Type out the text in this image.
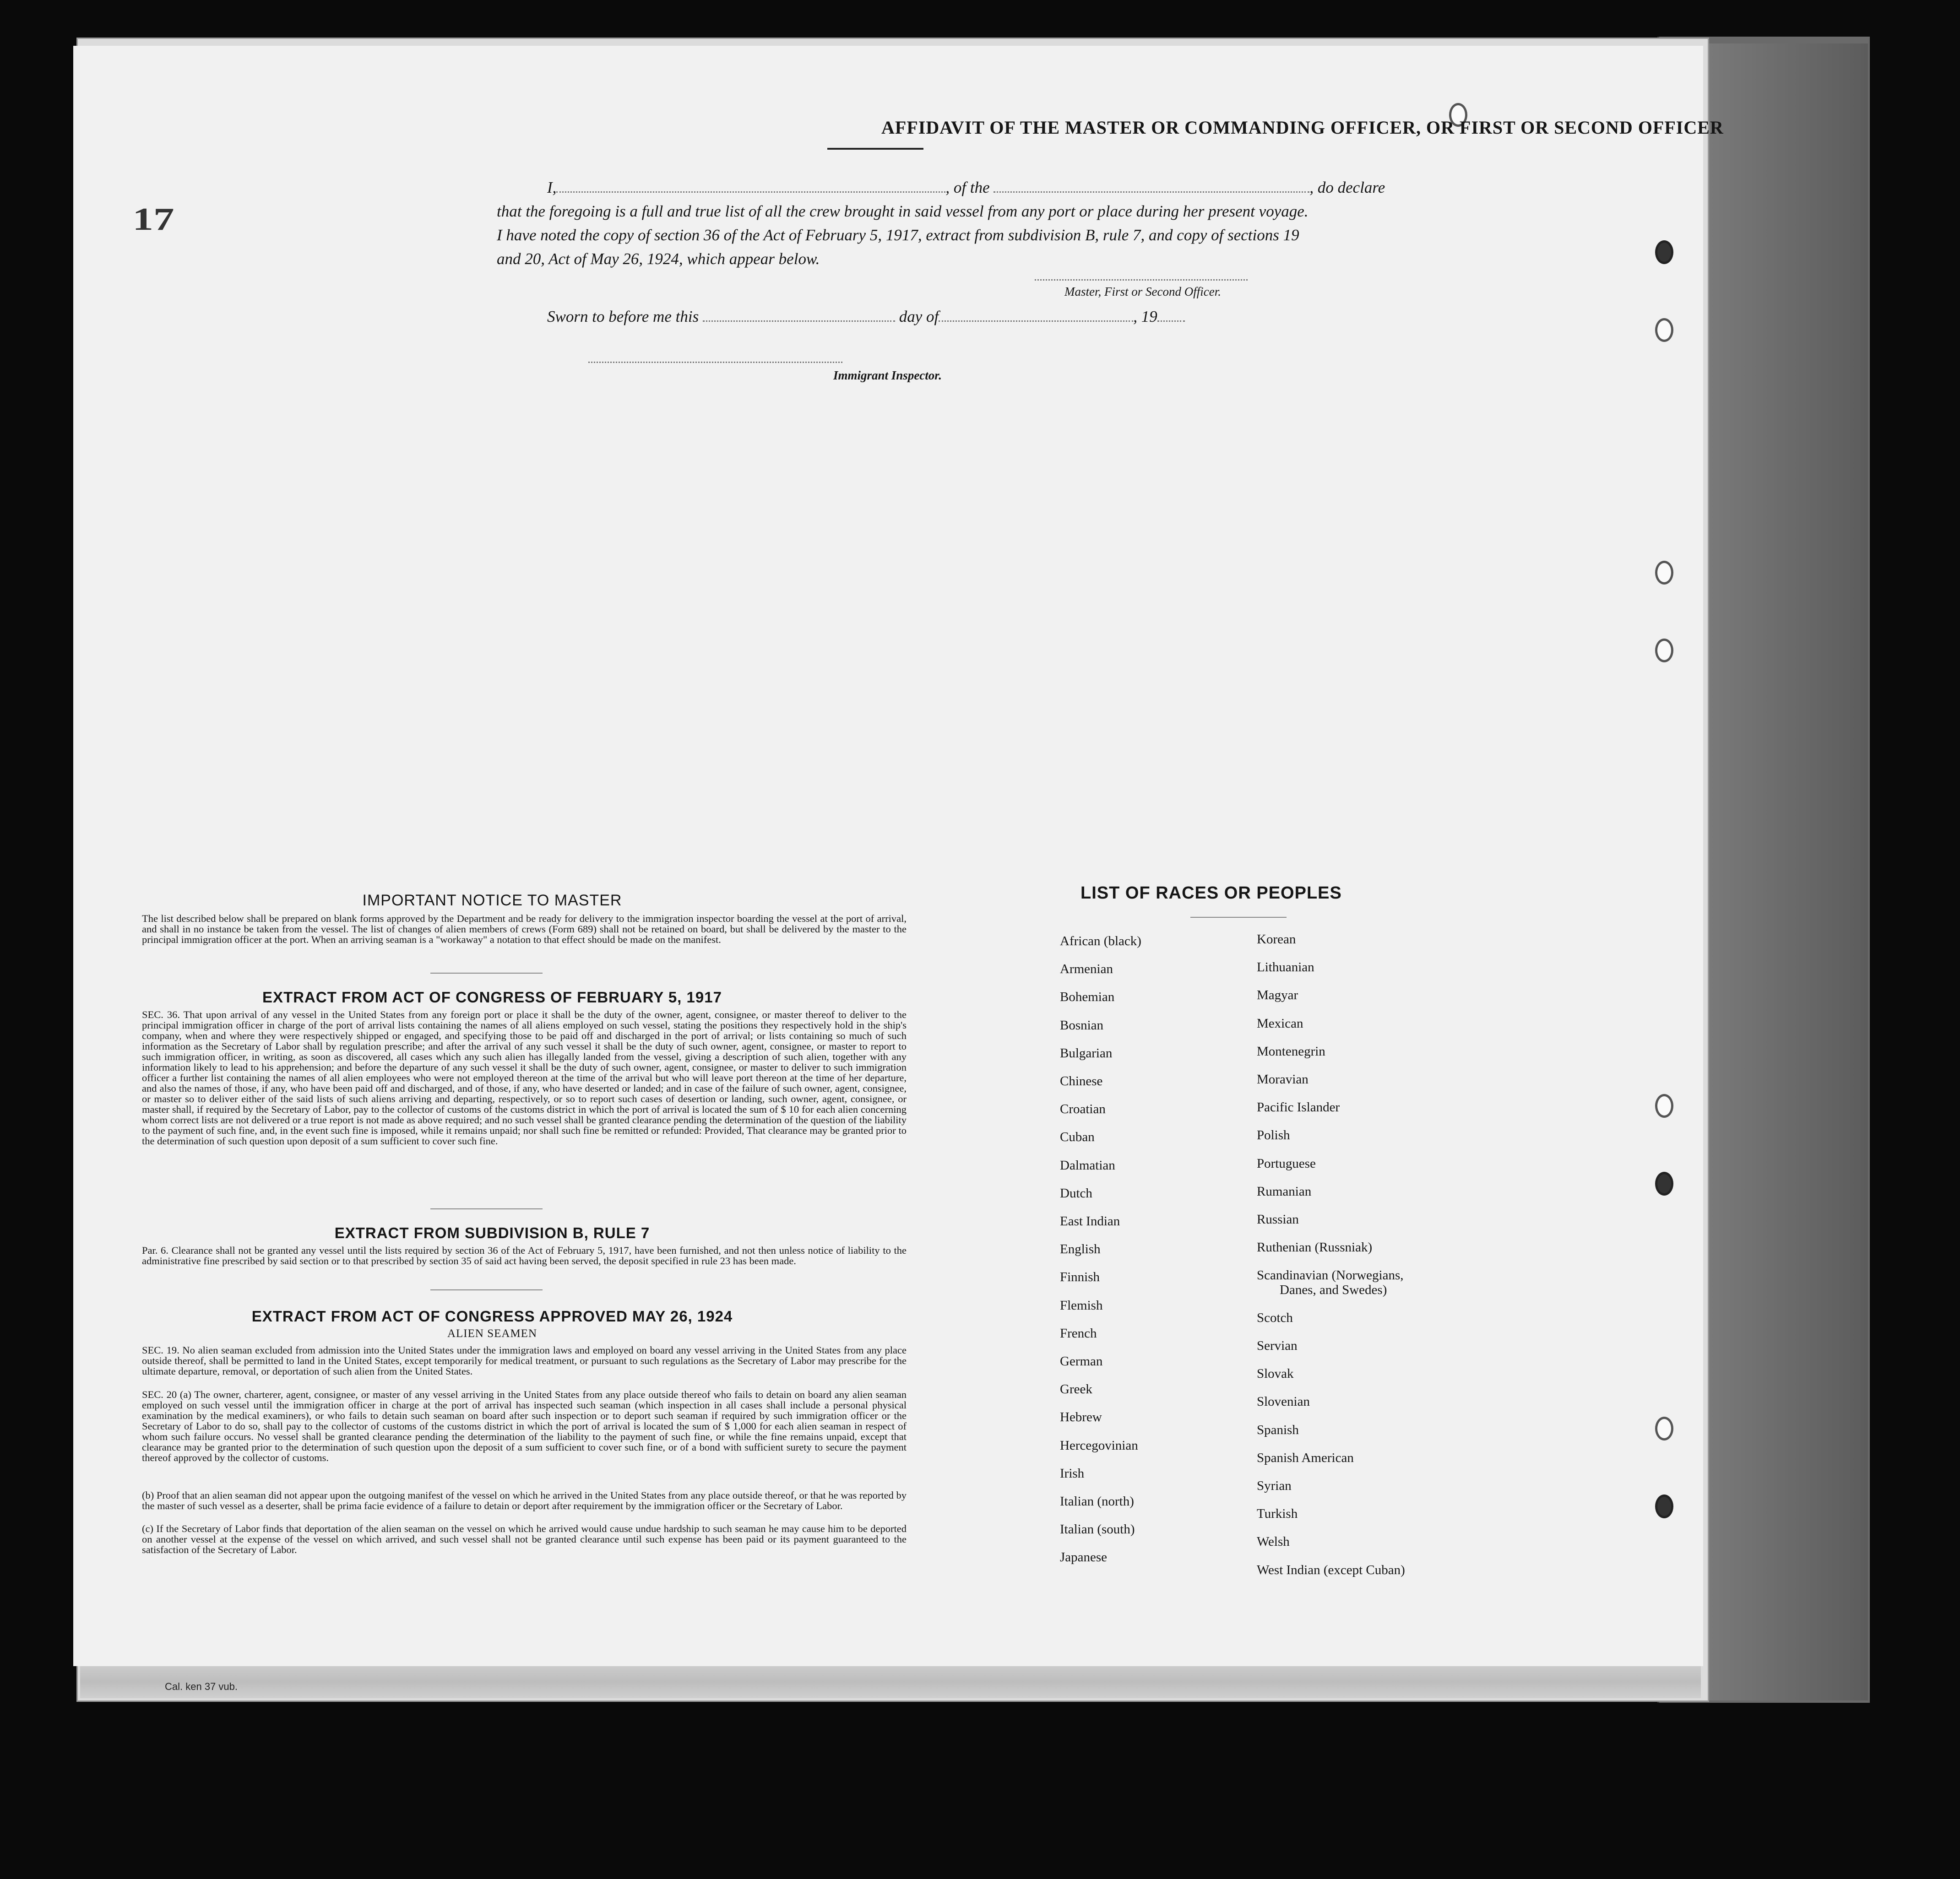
Cal. ken 37 vub.
17
AFFIDAVIT OF THE MASTER OR COMMANDING OFFICER, OR FIRST OR SECOND OFFICER
I,	, of the	, do declare
that the foregoing is a full and true list of all the crew brought in said vessel from any port or place during her present voyage.
I have noted the copy of section 36 of the Act of February 5, 1917, extract from subdivision B, rule 7, and copy of sections 19
and 20, Act of May 26, 1924, which appear below.
Master, First or Second Officer.
Sworn to before me this	day of	, 19
Immigrant Inspector.
IMPORTANT NOTICE TO MASTER
The list described below shall be prepared on blank forms approved by the Department and be ready for delivery to the immigration inspector boarding the vessel at the port of arrival, and shall in no instance be taken from the vessel. The list of changes of alien members of crews (Form 689) shall not be retained on board, but shall be delivered by the master to the principal immigration officer at the port. When an arriving seaman is a "workaway" a notation to that effect should be made on the manifest.
EXTRACT FROM ACT OF CONGRESS OF FEBRUARY 5, 1917
SEC. 36. That upon arrival of any vessel in the United States from any foreign port or place it shall be the duty of the owner, agent, consignee, or master thereof to deliver to the principal immigration officer in charge of the port of arrival lists containing the names of all aliens employed on such vessel, stating the positions they respectively hold in the ship's company, when and where they were respectively shipped or engaged, and specifying those to be paid off and discharged in the port of arrival; or lists containing so much of such information as the Secretary of Labor shall by regulation prescribe; and after the arrival of any such vessel it shall be the duty of such owner, agent, consignee, or master to report to such immigration officer, in writing, as soon as discovered, all cases which any such alien has illegally landed from the vessel, giving a description of such alien, together with any information likely to lead to his apprehension; and before the departure of any such vessel it shall be the duty of such owner, agent, consignee, or master to deliver to such immigration officer a further list containing the names of all alien employees who were not employed thereon at the time of the arrival but who will leave port thereon at the time of her departure, and also the names of those, if any, who have been paid off and discharged, and of those, if any, who have deserted or landed; and in case of the failure of such owner, agent, consignee, or master so to deliver either of the said lists of such aliens arriving and departing, respectively, or so to report such cases of desertion or landing, such owner, agent, consignee, or master shall, if required by the Secretary of Labor, pay to the collector of customs of the customs district in which the port of arrival is located the sum of $ 10 for each alien concerning whom correct lists are not delivered or a true report is not made as above required; and no such vessel shall be granted clearance pending the determination of the question of the liability to the payment of such fine, and, in the event such fine is imposed, while it remains unpaid; nor shall such fine be remitted or refunded: Provided, That clearance may be granted prior to the determination of such question upon deposit of a sum sufficient to cover such fine.
EXTRACT FROM SUBDIVISION B, RULE 7
Par. 6. Clearance shall not be granted any vessel until the lists required by section 36 of the Act of February 5, 1917, have been furnished, and not then unless notice of liability to the administrative fine prescribed by said section or to that prescribed by section 35 of said act having been served, the deposit specified in rule 23 has been made.
EXTRACT FROM ACT OF CONGRESS APPROVED MAY 26, 1924
ALIEN SEAMEN
SEC. 19. No alien seaman excluded from admission into the United States under the immigration laws and employed on board any vessel arriving in the United States from any place outside thereof, shall be permitted to land in the United States, except temporarily for medical treatment, or pursuant to such regulations as the Secretary of Labor may prescribe for the ultimate departure, removal, or deportation of such alien from the United States.
SEC. 20 (a) The owner, charterer, agent, consignee, or master of any vessel arriving in the United States from any place outside thereof who fails to detain on board any alien seaman employed on such vessel until the immigration officer in charge at the port of arrival has inspected such seaman (which inspection in all cases shall include a personal physical examination by the medical examiners), or who fails to detain such seaman on board after such inspection or to deport such seaman if required by such immigration officer or the Secretary of Labor to do so, shall pay to the collector of customs of the customs district in which the port of arrival is located the sum of $ 1,000 for each alien seaman in respect of whom such failure occurs. No vessel shall be granted clearance pending the determination of the liability to the payment of such fine, or while the fine remains unpaid, except that clearance may be granted prior to the determination of such question upon the deposit of a sum sufficient to cover such fine, or of a bond with sufficient surety to secure the payment thereof approved by the collector of customs.
(b) Proof that an alien seaman did not appear upon the outgoing manifest of the vessel on which he arrived in the United States from any place outside thereof, or that he was reported by the master of such vessel as a deserter, shall be prima facie evidence of a failure to detain or deport after requirement by the immigration officer or the Secretary of Labor.
(c) If the Secretary of Labor finds that deportation of the alien seaman on the vessel on which he arrived would cause undue hardship to such seaman he may cause him to be deported on another vessel at the expense of the vessel on which arrived, and such vessel shall not be granted clearance until such expense has been paid or its payment guaranteed to the satisfaction of the Secretary of Labor.
LIST OF RACES OR PEOPLES
African (black)
Armenian
Bohemian
Bosnian
Bulgarian
Chinese
Croatian
Cuban
Dalmatian
Dutch
East Indian
English
Finnish
Flemish
French
German
Greek
Hebrew
Hercegovinian
Irish
Italian (north)
Italian (south)
Japanese
Korean
Lithuanian
Magyar
Mexican
Montenegrin
Moravian
Pacific Islander
Polish
Portuguese
Rumanian
Russian
Ruthenian (Russniak)
Scandinavian (Norwegians,
Danes, and Swedes)
Scotch
Servian
Slovak
Slovenian
Spanish
Spanish American
Syrian
Turkish
Welsh
West Indian (except Cuban)
